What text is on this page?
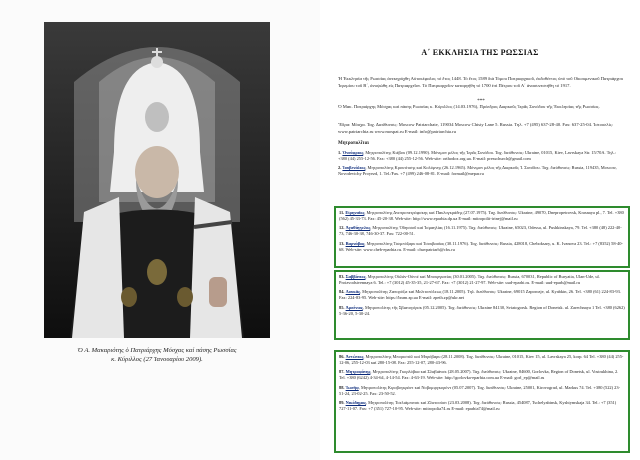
Ὁ Α. Μακαριότης ὁ Πατριάρχης Μόσχας καί πάσης Ρωσσίας
κ. Κύριλλος (27 Ἰανουαρίου 2009).
Α΄ ΕΚΚΛΗΣΙΑ ΤΗΣ ΡΩΣΣΙΑΣ
Ἡ Ἐκκλησία τῆς Ρωσσίας ἀνεκηρύχθη Αὐτοκέφαλος τό ἔτος 1448. Τό ἔτος 1589 διά Τόμου Πατριαρχικοῦ, ἐκδοθέντος ὑπό τοῦ Οἰκουμενικοῦ Πατριάρχου Ἱερεμίου τοῦ Β΄, ἀνυψώθη εἰς Πατριαρχεῖον. Τό Πατριαρχεῖον καταργήθη τό 1700 ἐπί Πέτρου τοῦ Α΄ ἀνασυνεστήθη τό 1917.
***
Ὁ Μακ. Πατριάρχης Μόσχας καί πάσης Ρωσσίας κ. Κύριλλος (14.03.1976), Πρόεδρος Διαρκοῦς Ἱερᾶς Συνόδου τῆς Ἐκκλησίας τῆς Ρωσσίας.
Ἕδρα: Μόσχα. Ταχ. Διεύθυνσις: Moscow Patriarchate, 119034 Moscow Chisty Lane 5. Russia. Τηλ. +7 (495) 637-28-40. Fax: 637-25-04. Ἱστοσελίς: www.patriarchia.ru www.mospat.ru E-mail: info@patriarchia.ru
Μητροπολῖται
1. Ὀνούφριος, Μητροπολίτης Κιέβου (09.12.1990). Μόνιμον μέλος τῆς Ἱερᾶς Συνόδου. Ταχ. διεύθυνσις: Ukraine, 01015, Kiev, Lavrskaya Str. 15/70A. Τηλ.: +380 (44) 255-12-56. Fax: +380 (44) 255-12-56. Web-site: orthodox.org.ua. E-mail: presschurch@gmail.com
2. Ἰουβενάλιος, Μητροπολίτης Κρουτίτσης καί Κολόμνης (26.12.1965). Μόνιμον μέλος τῆς Διαρκοῦς Ἱ. Συνόδου. Ταχ. διεύθυνσις: Russia, 119435, Moscow, Novodevichy Proyezd, 1. Tel./Fax. +7 (499) 246-08-81. E-mail: formail@mepar.ru
11. Εἰρηναῖος, Μητροπολίτης Δνεπροπετρόφσκης καί Παυλογκράδης (27.07.1975). Ταχ. διεύθυνσις: Ukraine, 49070, Dnepropetrovsk, Krasnaya pl., 7. Tel. +380 (562) 45-33-73. Fax: 45-20-38. Web-site: http://www.eparhia.dp.ua E-mail: mitropolit-irinej@mail.ru
12. Ἀγαθάγγελος, Μητροπολίτης Ὀδησσοῦ καί Ἰσμαηλίας (16.11.1975). Ταχ. διεύθυνσις: Ukraine, 65023, Odessa, ul. Pushkinskaya, 79. Tel. +380 (48) 222-40-73, 746-30-38, 746-30-37. Fax: 722-00-51.
13. Βαρνάβας, Μητροπολίτης Τσεμπόξαρυ καί Τσουβασίας (30.11.1976). Ταχ. διεύθυνσις: Russia, 428018, Cheboksary, u. K. Ivanova 23. Tel.: +7 (8352) 58-40-68. Web-site: www.cheb-eparhia.ru. E-mail: chuvpatriarh@cbx.ru
83. Σαββάτιος, Μητροπολίτης Οὐλάν-Οὐντέ καί Μπουργιατίας (30.01.2005). Ταχ. διεύθυνσις: Russia, 670031, Republic of Buryatia, Ulan-Ude, ul. Proizvodstvennaya 6. Tel.: +7 (3012) 45-35-35, 21-27-67. Fax: +7 (3012) 21-27-97. Web-site: uud-eparhi.ru. E-mail: uud-eparh@mail.ru
84. Λουκᾶς, Μητροπολίτης Ζαπορόζιε καί Μελιτοπόλεως (18.11.2005). Τηλ. διεύθυνσις: Ukraine, 69015 Zaporozje, ul. Kyabkin, 26. Tel. +380 (61) 224-83-93. Fax: 224-83-95. Web-site: https://bram.zp.ua E-mail: zpeth.zp@ukr.net
85. Ἀρσένιος, Μητροπολίτης τῆς Σβιατογόρσκ (05.12.2005). Ταχ. διεύθυνσις: Ukraine 84130, Sviatogorsk. Region of Donetsk. ul. Zarechnaya 1 Tel. +380 (6262) 5-36-20, 5-30-24.
86. Ἀντώνιος, Μητροπολίτης Μπορισπόλ καί Μπρόβαρυ (28.11.2008). Ταχ. διεύθυνσις: Ukraine, 01015, Kiev 15, ul. Lavrskaya 25, korp. 64 Tel. +380 (44) 255-12-06, 255-12-03 καί 280-15-08. Fax: 255-12-07, 280-43-96.
87. Μητροφάνης, Μητροπολίτης Γκορλόβκα καί Σλαβιάνσκ (28.05.2007). Ταχ. διεύθυνσις: Ukraine, 84600, Gorlovka, Region of Donetsk, ul. Vostrukhina, 2. Tel. +380 (6242) 4-34-64, 4-14-54. Fax: 4-63-19. Web-site: http://gorlovka-eparhia.com.ua E-mail: gorl_ep@mail.ru
88. Ἰωσήφ, Μητροπολίτης Κιροβογκράντ καί Νοβομιργκορόντ (05.07.2007). Ταχ. διεύθυνσις: Ukraine, 25001, Kirovograd, ul. Markus 74. Tel. +380 (522) 23-51-24, 23-02-25. Fax: 23-50-52.
89. Νικόδημος, Μητροπολίτης Τσελιάμπινσκ καί Ζλατοούστ (23.03.2008). Ταχ. διεύθυνσις: Russia, 454087, Tschelyabinsk, Kyshtymskaja 34. Tel.: +7 (351) 727-11-07. Fax: +7 (351) 727-10-95. Web-site: mitropolia74.ru E-mail: eparhia74@mail.ru
